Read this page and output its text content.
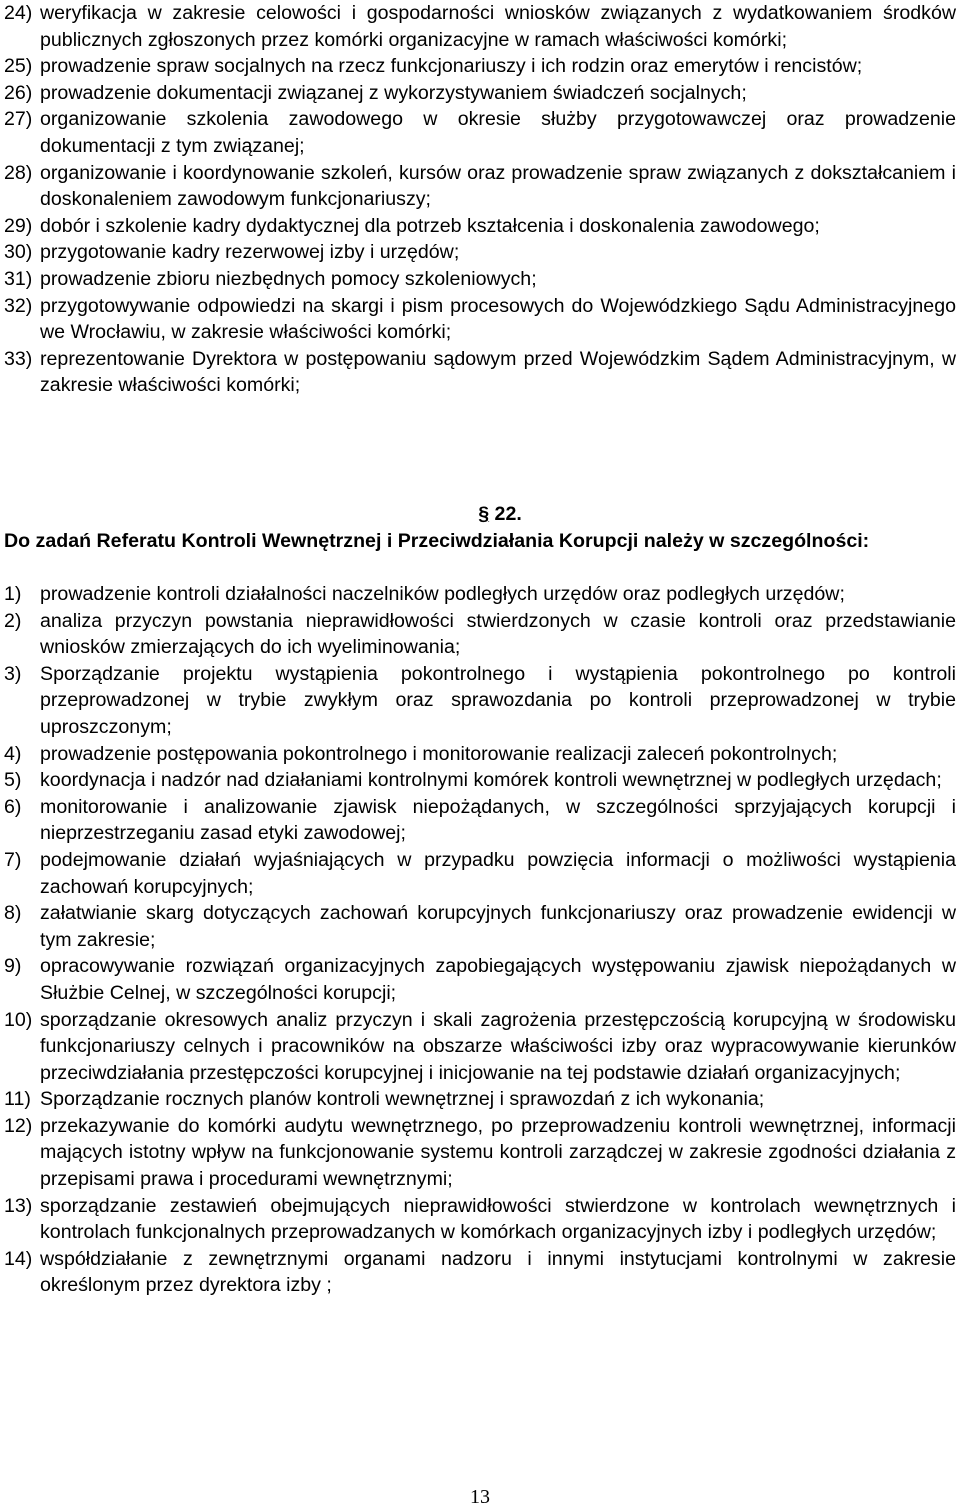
24) weryfikacja w zakresie celowości i gospodarności wniosków związanych z wydatkowaniem środków publicznych zgłoszonych przez komórki organizacyjne w ramach właściwości komórki;
25) prowadzenie spraw socjalnych na rzecz funkcjonariuszy i ich rodzin oraz emerytów i rencistów;
26) prowadzenie dokumentacji związanej z wykorzystywaniem świadczeń socjalnych;
27) organizowanie szkolenia zawodowego w okresie służby przygotowawczej oraz prowadzenie dokumentacji z tym związanej;
28) organizowanie i koordynowanie szkoleń, kursów oraz prowadzenie spraw związanych z dokształcaniem i doskonaleniem zawodowym funkcjonariuszy;
29) dobór i szkolenie kadry dydaktycznej dla potrzeb kształcenia i doskonalenia zawodowego;
30) przygotowanie kadry rezerwowej izby i urzędów;
31) prowadzenie zbioru niezbędnych pomocy szkoleniowych;
32) przygotowywanie odpowiedzi na skargi i pism procesowych do Wojewódzkiego Sądu Administracyjnego we Wrocławiu, w zakresie właściwości komórki;
33) reprezentowanie Dyrektora w postępowaniu sądowym przed Wojewódzkim Sądem Administracyjnym, w zakresie właściwości komórki;
§ 22.
Do zadań Referatu Kontroli Wewnętrznej i Przeciwdziałania Korupcji należy w szczególności:
1) prowadzenie kontroli działalności naczelników podległych urzędów oraz podległych urzędów;
2) analiza przyczyn powstania nieprawidłowości stwierdzonych w czasie kontroli oraz przedstawianie wniosków zmierzających do ich wyeliminowania;
3) Sporządzanie projektu wystąpienia pokontrolnego i wystąpienia pokontrolnego po kontroli przeprowadzonej w trybie zwykłym oraz sprawozdania po kontroli przeprowadzonej w trybie uproszczonym;
4) prowadzenie postępowania pokontrolnego i monitorowanie realizacji zaleceń pokontrolnych;
5) koordynacja i nadzór nad działaniami kontrolnymi komórek kontroli wewnętrznej w podległych urzędach;
6) monitorowanie i analizowanie zjawisk niepożądanych, w szczególności sprzyjających korupcji i nieprzestrzeganiu zasad etyki zawodowej;
7) podejmowanie działań wyjaśniających w przypadku powzięcia informacji o możliwości wystąpienia zachowań korupcyjnych;
8) załatwianie skarg dotyczących zachowań korupcyjnych funkcjonariuszy oraz prowadzenie ewidencji w tym zakresie;
9) opracowywanie rozwiązań organizacyjnych zapobiegających występowaniu zjawisk niepożądanych w Służbie Celnej, w szczególności korupcji;
10) sporządzanie okresowych analiz przyczyn i skali zagrożenia przestępczością korupcyjną w środowisku funkcjonariuszy celnych i pracowników na obszarze właściwości izby oraz wypracowywanie kierunków przeciwdziałania przestępczości korupcyjnej i inicjowanie na tej podstawie działań organizacyjnych;
11) Sporządzanie rocznych planów kontroli wewnętrznej i sprawozdań z ich wykonania;
12) przekazywanie do komórki audytu wewnętrznego, po przeprowadzeniu kontroli wewnętrznej, informacji mających istotny wpływ na funkcjonowanie systemu kontroli zarządczej w zakresie zgodności działania z przepisami prawa i procedurami wewnętrznymi;
13) sporządzanie zestawień obejmujących nieprawidłowości stwierdzone w kontrolach wewnętrznych i kontrolach funkcjonalnych przeprowadzanych w komórkach organizacyjnych izby i podległych urzędów;
14) współdziałanie z zewnętrznymi organami nadzoru i innymi instytucjami kontrolnymi w zakresie określonym przez dyrektora izby ;
13
